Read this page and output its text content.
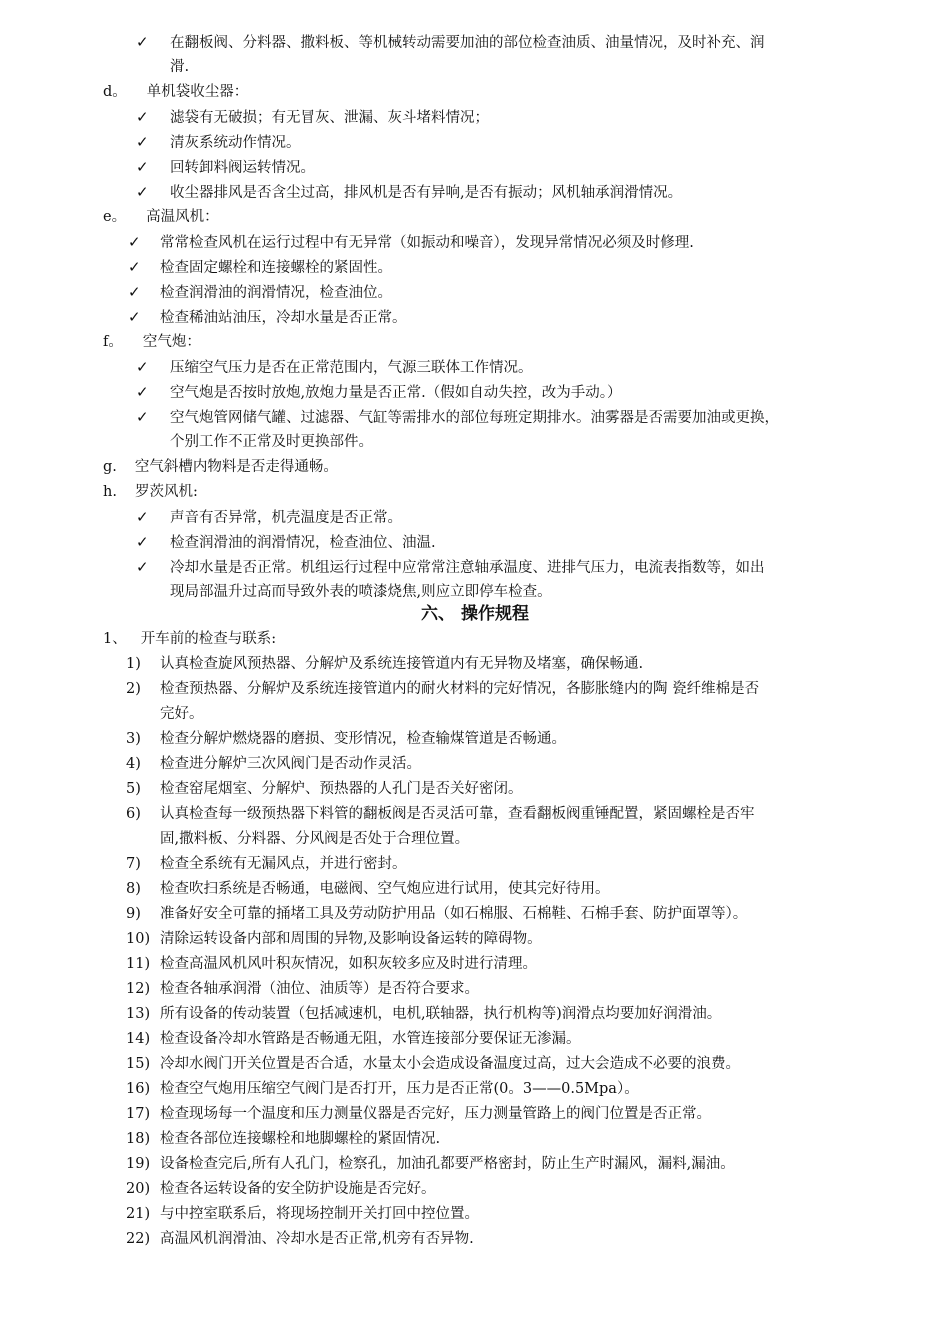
✓ 在翻板阀、分料器、撒料板、等机械转动需要加油的部位检查油质、油量情况，及时补充、润
滑.
d。 单机袋收尘器：
✓ 滤袋有无破损；有无冒灰、泄漏、灰斗堵料情况；
✓ 清灰系统动作情况。
✓ 回转卸料阀运转情况。
✓ 收尘器排风是否含尘过高，排风机是否有异响,是否有振动；风机轴承润滑情况。
e。 高温风机：
✓ 常常检查风机在运行过程中有无异常（如振动和噪音），发现异常情况必须及时修理.
✓ 检查固定螺栓和连接螺栓的紧固性。
✓ 检查润滑油的润滑情况，检查油位。
✓ 检查稀油站油压，冷却水量是否正常。
f。 空气炮：
✓ 压缩空气压力是否在正常范围内，气源三联体工作情况。
✓ 空气炮是否按时放炮,放炮力量是否正常.（假如自动失控，改为手动。）
✓ 空气炮管网储气罐、过滤器、气缸等需排水的部位每班定期排水。油雾器是否需要加油或更换，
个别工作不正常及时更换部件。
g. 空气斜槽内物料是否走得通畅。
h. 罗茨风机:
✓ 声音有否异常，机壳温度是否正常。
✓ 检查润滑油的润滑情况，检查油位、油温.
✓ 冷却水量是否正常。机组运行过程中应常常注意轴承温度、进排气压力，电流表指数等，如出
现局部温升过高而导致外表的喷漆烧焦,则应立即停车检查。
六、 操作规程
1、 开车前的检查与联系:
1) 认真检查旋风预热器、分解炉及系统连接管道内有无异物及堵塞，确保畅通.
2) 检查预热器、分解炉及系统连接管道内的耐火材料的完好情况，各膨胀缝内的陶 瓷纤维棉是否
完好。
3) 检查分解炉燃烧器的磨损、变形情况，检查输煤管道是否畅通。
4) 检查进分解炉三次风阀门是否动作灵活。
5) 检查窑尾烟室、分解炉、预热器的人孔门是否关好密闭。
6) 认真检查每一级预热器下料管的翻板阀是否灵活可靠，查看翻板阀重锤配置，紧固螺栓是否牢
固,撒料板、分料器、分风阀是否处于合理位置。
7) 检查全系统有无漏风点，并进行密封。
8) 检查吹扫系统是否畅通，电磁阀、空气炮应进行试用，使其完好待用。
9) 准备好安全可靠的捅堵工具及劳动防护用品（如石棉服、石棉鞋、石棉手套、防护面罩等）。
10) 清除运转设备内部和周围的异物,及影响设备运转的障碍物。
11) 检查高温风机风叶积灰情况，如积灰较多应及时进行清理。
12) 检查各轴承润滑（油位、油质等）是否符合要求。
13) 所有设备的传动装置（包括减速机，电机,联轴器，执行机构等)润滑点均要加好润滑油。
14) 检查设备冷却水管路是否畅通无阻，水管连接部分要保证无渗漏。
15) 冷却水阀门开关位置是否合适，水量太小会造成设备温度过高，过大会造成不必要的浪费。
16) 检查空气炮用压缩空气阀门是否打开，压力是否正常(0。3——0.5Mpa）。
17) 检查现场每一个温度和压力测量仪器是否完好，压力测量管路上的阀门位置是否正常。
18) 检查各部位连接螺栓和地脚螺栓的紧固情况.
19) 设备检查完后,所有人孔门，检察孔，加油孔都要严格密封，防止生产时漏风，漏料,漏油。
20) 检查各运转设备的安全防护设施是否完好。
21) 与中控室联系后，将现场控制开关打回中控位置。
22) 高温风机润滑油、冷却水是否正常,机旁有否异物.
